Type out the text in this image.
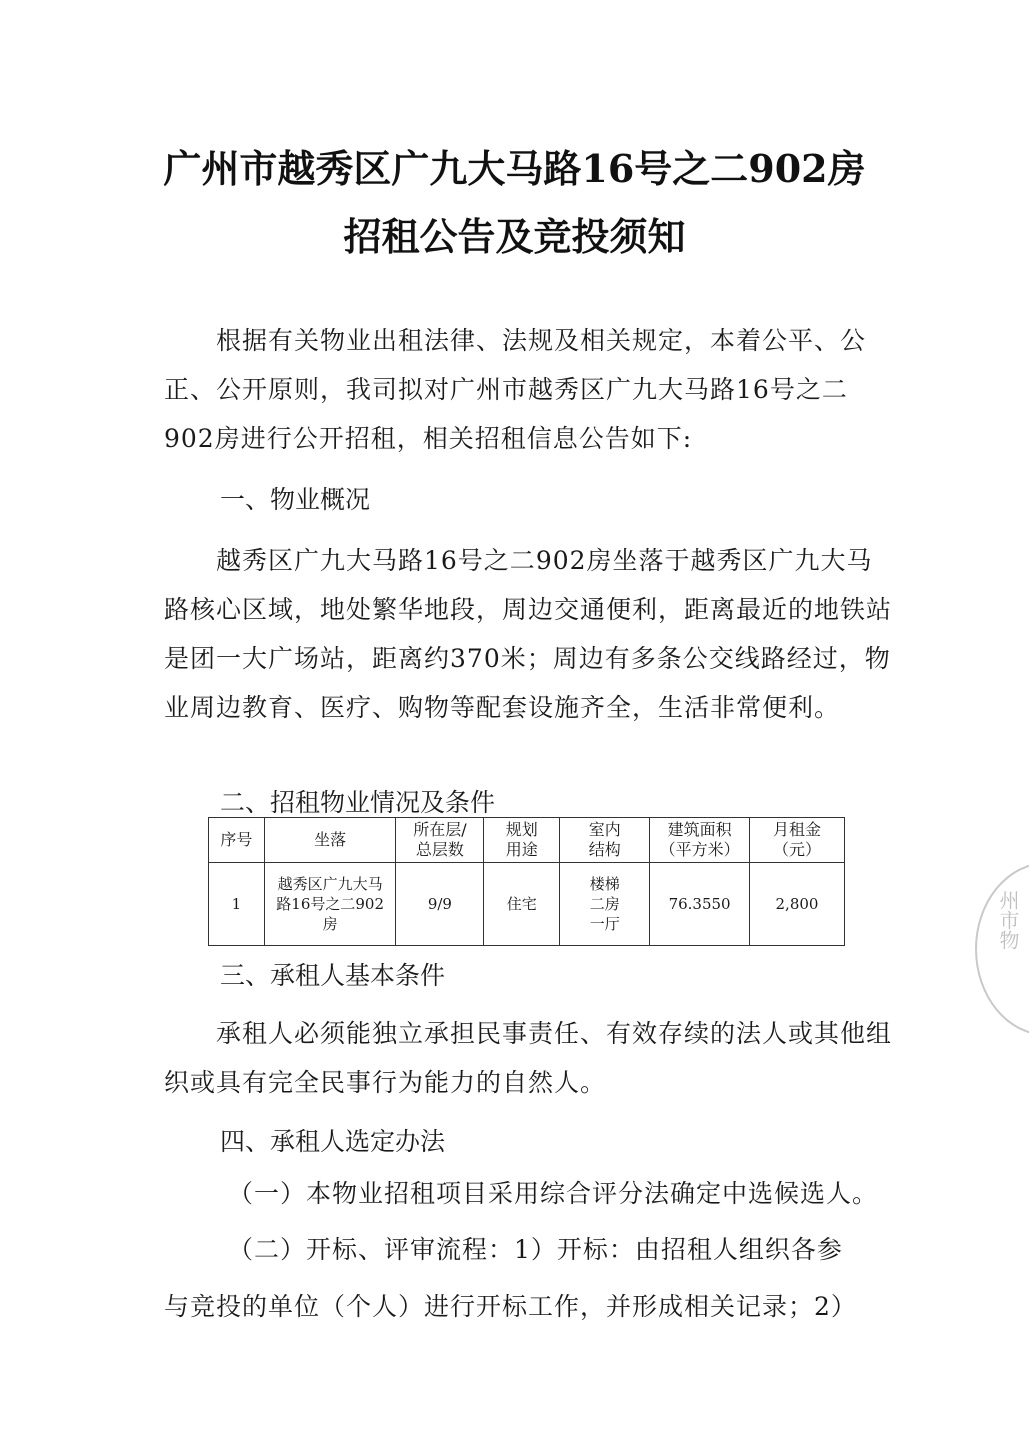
广州市越秀区广九大马路16号之二902房
招租公告及竞投须知

根据有关物业出租法律、法规及相关规定，本着公平、公正、公开原则，我司拟对广州市越秀区广九大马路16号之二902房进行公开招租，相关招租信息公告如下:

一、物业概况

越秀区广九大马路16号之二902房坐落于越秀区广九大马路核心区域，地处繁华地段，周边交通便利，距离最近的地铁站是团一大广场站，距离约370米；周边有多条公交线路经过，物业周边教育、医疗、购物等配套设施齐全，生活非常便利。

二、招租物业情况及条件
序号	坐落	所在层/总层数	规划用途	室内结构	建筑面积（平方米）	月租金（元）
1	越秀区广九大马路16号之二902房	9/9	住宅	楼梯二房一厅	76.3550	2,800
三、承租人基本条件

承租人必须能独立承担民事责任、有效存续的法人或其他组织或具有完全民事行为能力的自然人。

四、承租人选定办法
（一）本物业招租项目采用综合评分法确定中选候选人。
（二）开标、评审流程：1）开标：由招租人组织各参
与竞投的单位（个人）进行开标工作，并形成相关记录；2）
州市物
